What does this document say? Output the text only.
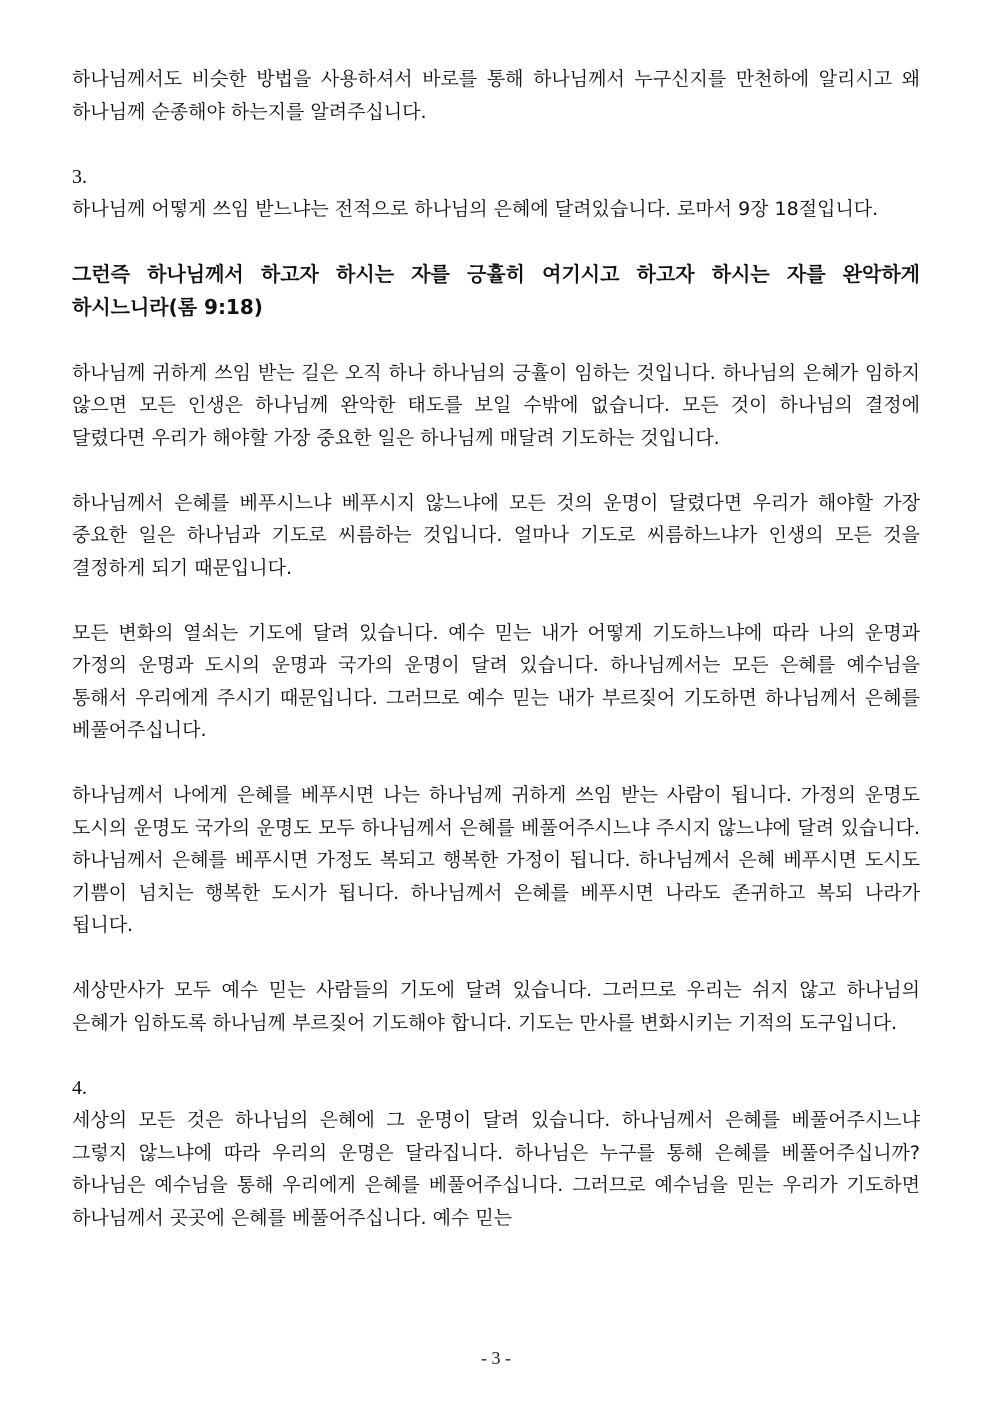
하나님께서도 비슷한 방법을 사용하셔서 바로를 통해 하나님께서 누구신지를 만천하에 알리시고 왜 하나님께 순종해야 하는지를 알려주십니다.

3.

하나님께 어떻게 쓰임 받느냐는 전적으로 하나님의 은혜에 달려있습니다. 로마서 9장 18절입니다.

그런즉 하나님께서 하고자 하시는 자를 긍휼히 여기시고 하고자 하시는 자를 완악하게 하시느니라(롬 9:18)

하나님께 귀하게 쓰임 받는 길은 오직 하나 하나님의 긍휼이 임하는 것입니다. 하나님의 은혜가 임하지 않으면 모든 인생은 하나님께 완악한 태도를 보일 수밖에 없습니다. 모든 것이 하나님의 결정에 달렸다면 우리가 해야할 가장 중요한 일은 하나님께 매달려 기도하는 것입니다.

하나님께서 은혜를 베푸시느냐 베푸시지 않느냐에 모든 것의 운명이 달렸다면 우리가 해야할 가장 중요한 일은 하나님과 기도로 씨름하는 것입니다. 얼마나 기도로 씨름하느냐가 인생의 모든 것을 결정하게 되기 때문입니다.

모든 변화의 열쇠는 기도에 달려 있습니다. 예수 믿는 내가 어떻게 기도하느냐에 따라 나의 운명과 가정의 운명과 도시의 운명과 국가의 운명이 달려 있습니다. 하나님께서는 모든 은혜를 예수님을 통해서 우리에게 주시기 때문입니다. 그러므로 예수 믿는 내가 부르짖어 기도하면 하나님께서 은혜를 베풀어주십니다.

하나님께서 나에게 은혜를 베푸시면 나는 하나님께 귀하게 쓰임 받는 사람이 됩니다. 가정의 운명도 도시의 운명도 국가의 운명도 모두 하나님께서 은혜를 베풀어주시느냐 주시지 않느냐에 달려 있습니다. 하나님께서 은혜를 베푸시면 가정도 복되고 행복한 가정이 됩니다. 하나님께서 은혜 베푸시면 도시도 기쁨이 넘치는 행복한 도시가 됩니다. 하나님께서 은혜를 베푸시면 나라도 존귀하고 복되 나라가 됩니다.

세상만사가 모두 예수 믿는 사람들의 기도에 달려 있습니다. 그러므로 우리는 쉬지 않고 하나님의 은혜가 임하도록 하나님께 부르짖어 기도해야 합니다. 기도는 만사를 변화시키는 기적의 도구입니다.

4.

세상의 모든 것은 하나님의 은혜에 그 운명이 달려 있습니다. 하나님께서 은혜를 베풀어주시느냐 그렇지 않느냐에 따라 우리의 운명은 달라집니다. 하나님은 누구를 통해 은혜를 베풀어주십니까? 하나님은 예수님을 통해 우리에게 은혜를 베풀어주십니다. 그러므로 예수님을 믿는 우리가 기도하면 하나님께서 곳곳에 은혜를 베풀어주십니다. 예수 믿는

- 3 -
